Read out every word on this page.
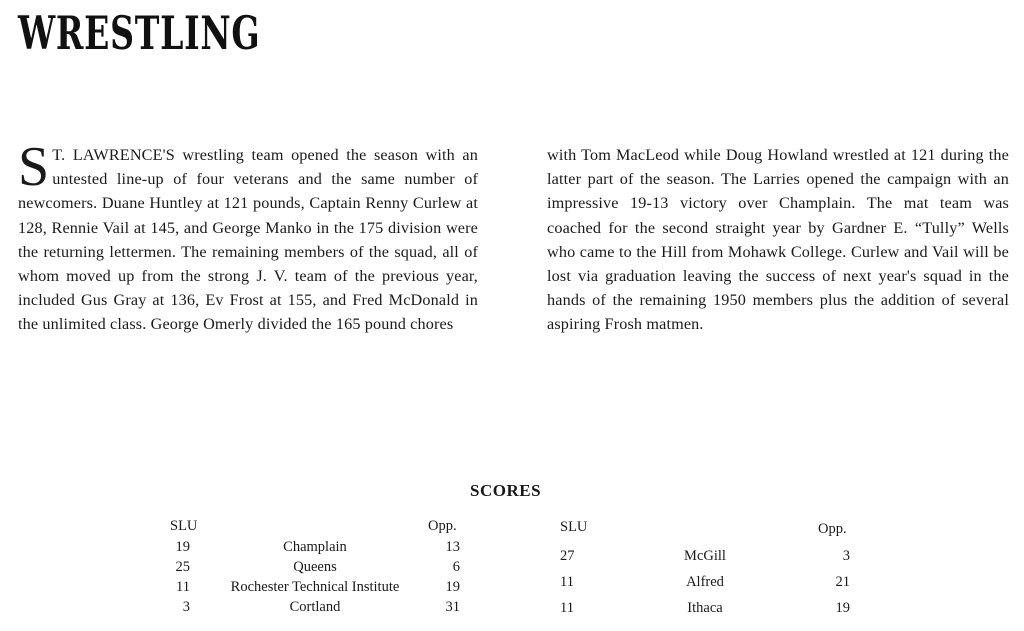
WRESTLING
S T. LAWRENCE'S wrestling team opened the season with an untested line-up of four veterans and the same number of newcomers. Duane Huntley at 121 pounds, Captain Renny Curlew at 128, Rennie Vail at 145, and George Manko in the 175 division were the returning lettermen. The remaining members of the squad, all of whom moved up from the strong J. V. team of the previous year, included Gus Gray at 136, Ev Frost at 155, and Fred McDonald in the unlimited class. George Omerly divided the 165 pound chores
with Tom MacLeod while Doug Howland wrestled at 121 during the latter part of the season. The Larries opened the campaign with an impressive 19-13 victory over Champlain. The mat team was coached for the second straight year by Gardner E. “Tully” Wells who came to the Hill from Mohawk College. Curlew and Vail will be lost via graduation leaving the success of next year's squad in the hands of the remaining 1950 members plus the addition of several aspiring Frosh matmen.
SCORES
SLU	Opp.
19	Champlain	13
25	Queens	6
11	Rochester Technical Institute	19
3	Cortland	31
SLU	Opp.
27	McGill	3
11	Alfred	21
11	Ithaca	19
